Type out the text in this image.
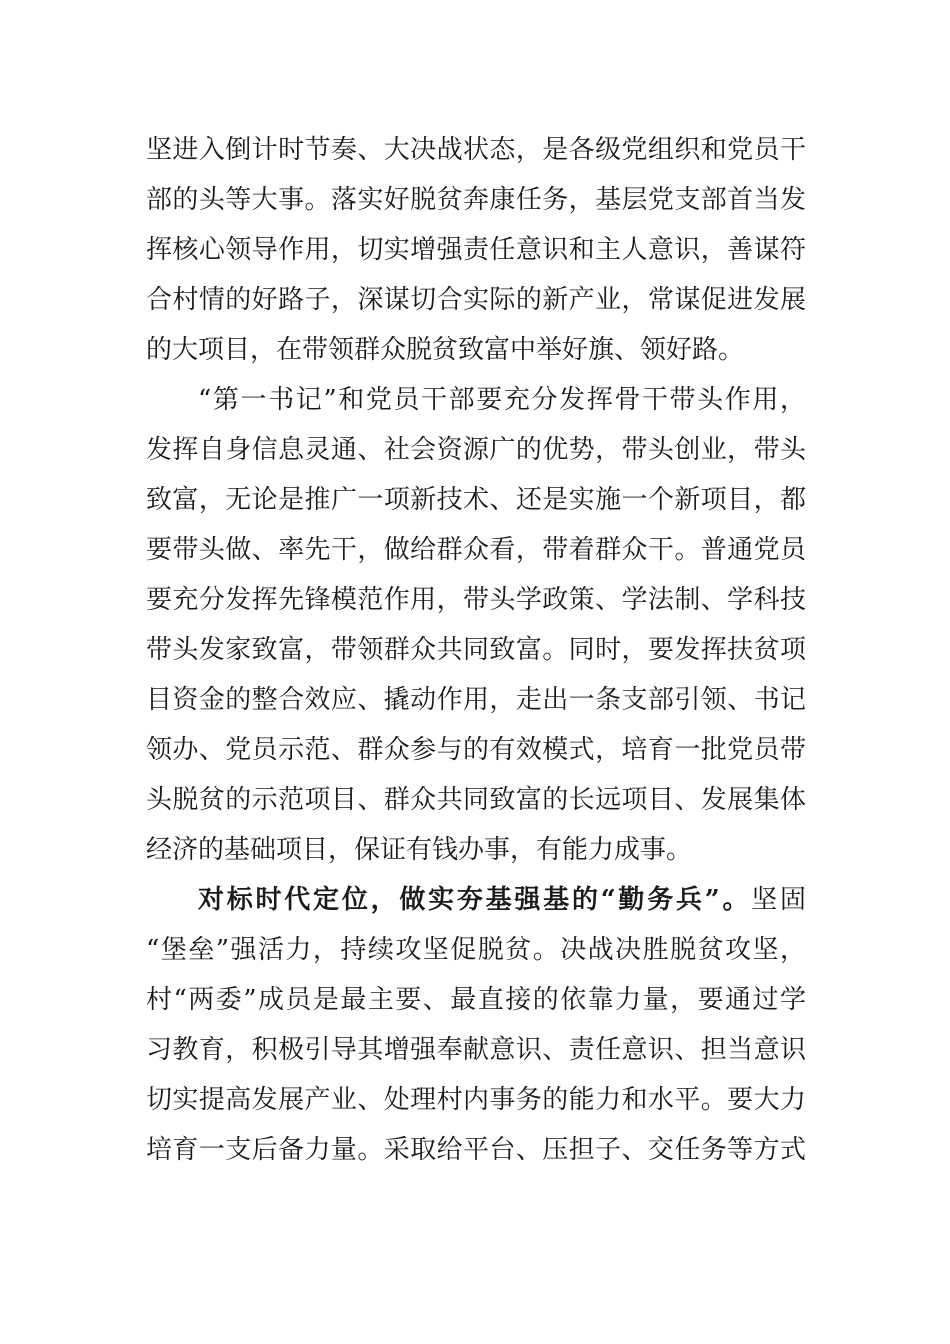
坚进入倒计时节奏、大决战状态，是各级党组织和党员干
部的头等大事。落实好脱贫奔康任务，基层党支部首当发
挥核心领导作用，切实增强责任意识和主人意识，善谋符
合村情的好路子，深谋切合实际的新产业，常谋促进发展
的大项目，在带领群众脱贫致富中举好旗、领好路。
“第一书记”和党员干部要充分发挥骨干带头作用，
发挥自身信息灵通、社会资源广的优势，带头创业，带头
致富，无论是推广一项新技术、还是实施一个新项目，都
要带头做、率先干，做给群众看，带着群众干。普通党员
要充分发挥先锋模范作用，带头学政策、学法制、学科技
带头发家致富，带领群众共同致富。同时，要发挥扶贫项
目资金的整合效应、撬动作用，走出一条支部引领、书记
领办、党员示范、群众参与的有效模式，培育一批党员带
头脱贫的示范项目、群众共同致富的长远项目、发展集体
经济的基础项目，保证有钱办事，有能力成事。
对标时代定位，做实夯基强基的“勤务兵”。坚固
“堡垒”强活力，持续攻坚促脱贫。决战决胜脱贫攻坚，
村“两委”成员是最主要、最直接的依靠力量，要通过学
习教育，积极引导其增强奉献意识、责任意识、担当意识
切实提高发展产业、处理村内事务的能力和水平。要大力
培育一支后备力量。采取给平台、压担子、交任务等方式
